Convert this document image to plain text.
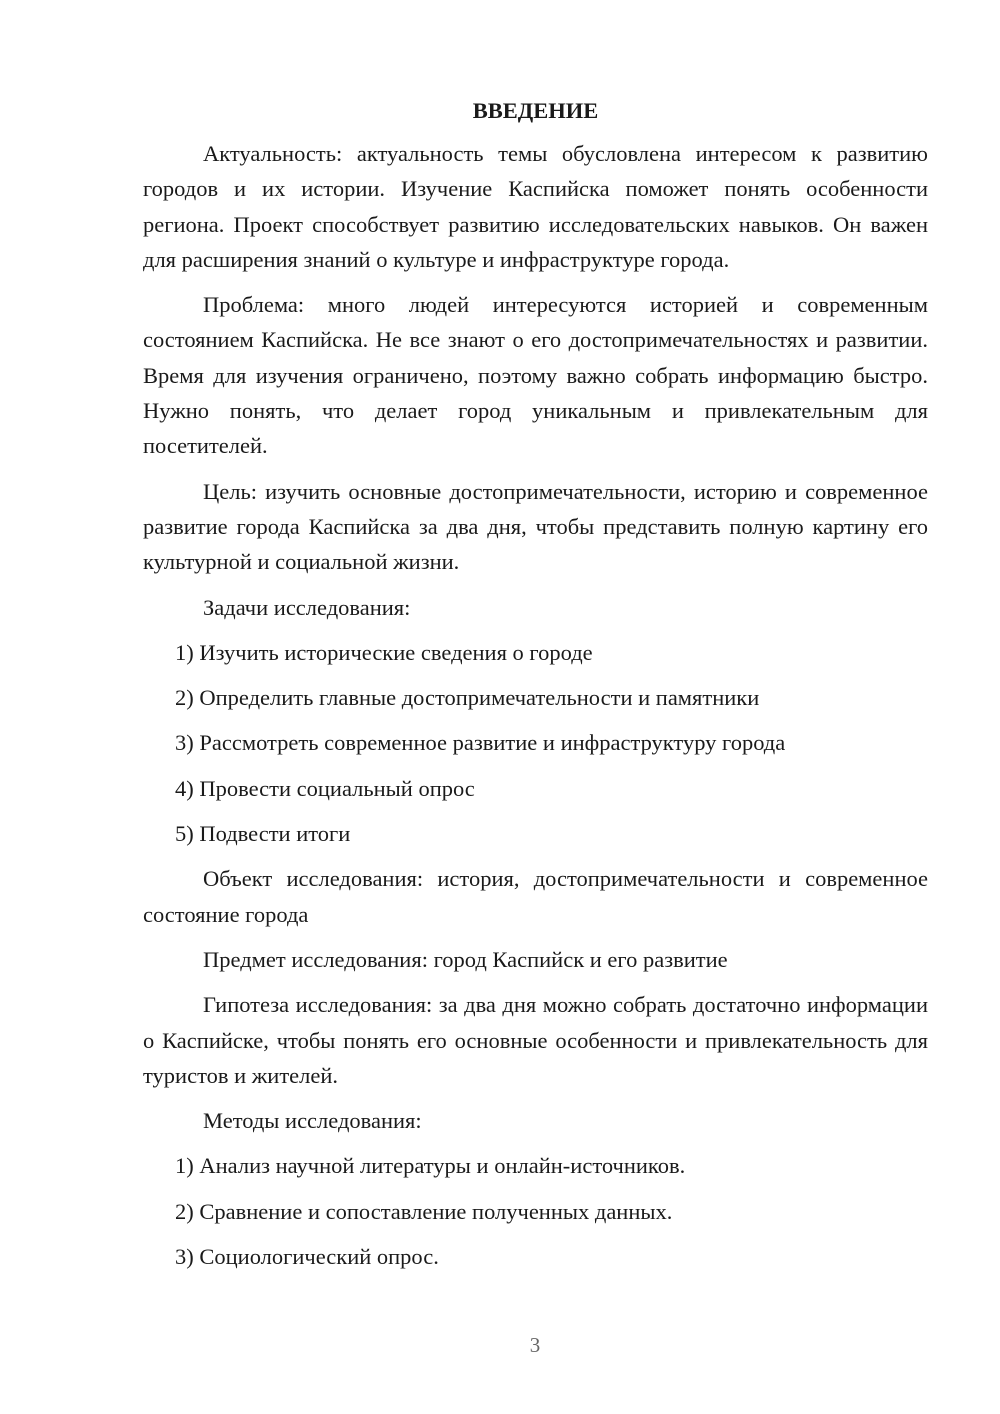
ВВЕДЕНИЕ

Актуальность: актуальность темы обусловлена интересом к развитию городов и их истории. Изучение Каспийска поможет понять особенности региона. Проект способствует развитию исследовательских навыков. Он важен для расширения знаний о культуре и инфраструктуре города.

Проблема: много людей интересуются историей и современным состоянием Каспийска. Не все знают о его достопримечательностях и развитии. Время для изучения ограничено, поэтому важно собрать информацию быстро. Нужно понять, что делает город уникальным и привлекательным для посетителей.

Цель: изучить основные достопримечательности, историю и современное развитие города Каспийска за два дня, чтобы представить полную картину его культурной и социальной жизни.

Задачи исследования:

1) Изучить исторические сведения о городе
2) Определить главные достопримечательности и памятники
3) Рассмотреть современное развитие и инфраструктуру города
4) Провести социальный опрос
5) Подвести итоги

Объект исследования: история, достопримечательности и современное состояние города

Предмет исследования: город Каспийск и его развитие

Гипотеза исследования: за два дня можно собрать достаточно информации о Каспийске, чтобы понять его основные особенности и привлекательность для туристов и жителей.

Методы исследования:

1) Анализ научной литературы и онлайн-источников.
2) Сравнение и сопоставление полученных данных.
3) Социологический опрос.
3
